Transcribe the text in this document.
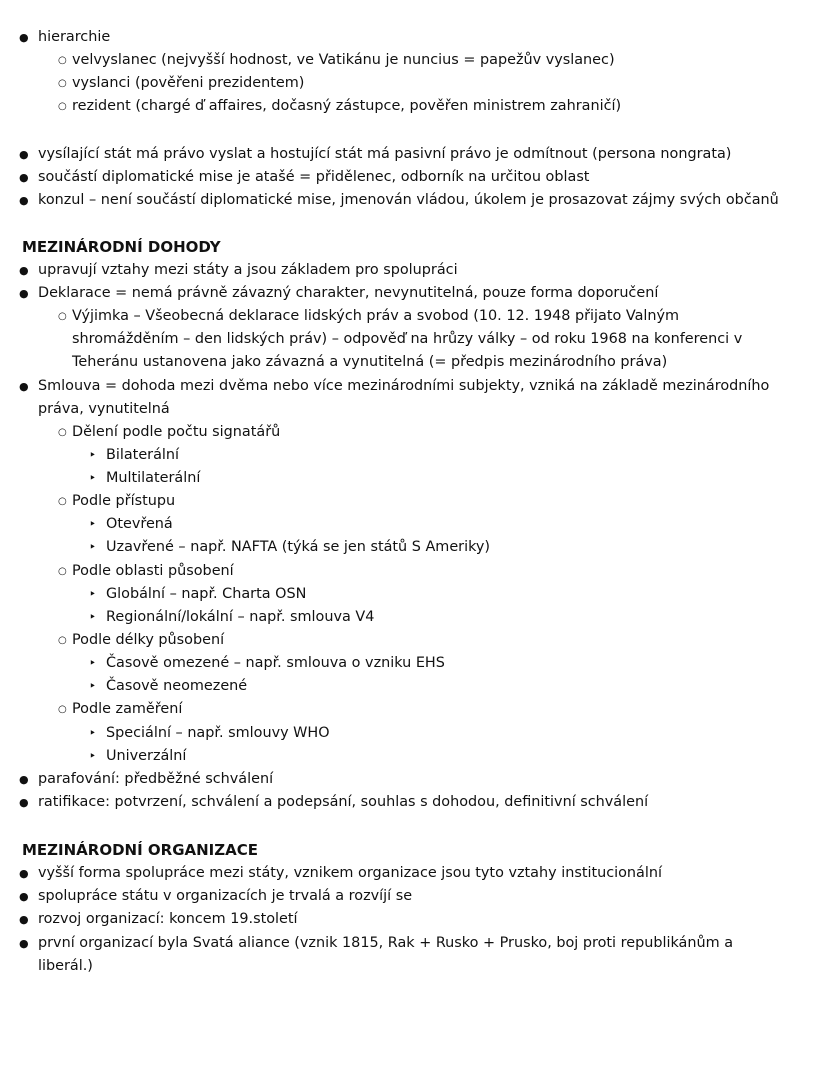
● hierarchie
○ velvyslanec (nejvyšší hodnost, ve Vatikánu je nuncius = papežův vyslanec)
○ vyslanci (pověřeni prezidentem)
○ rezident (chargé ď affaires, dočasný zástupce, pověřen ministrem zahraničí)
● vysílající stát má právo vyslat a hostující stát má pasivní právo je odmítnout (persona nongrata)
● součástí diplomatické mise je atašé = přidělenec, odborník na určitou oblast
● konzul – není součástí diplomatické mise, jmenován vládou, úkolem je prosazovat zájmy svých občanů
MEZINÁRODNÍ DOHODY
● upravují vztahy mezi státy a jsou základem pro spolupráci
● Deklarace = nemá právně závazný charakter, nevynutitelná, pouze forma doporučení
○ Výjimka – Všeobecná deklarace lidských práv a svobod (10. 12. 1948 přijato Valným
shromážděním – den lidských práv) – odpověď na hrůzy války – od roku 1968 na konferenci v
Teheránu ustanovena jako závazná a vynutitelná (= předpis mezinárodního práva)
● Smlouva = dohoda mezi dvěma nebo více mezinárodními subjekty, vzniká na základě mezinárodního
práva, vynutitelná
○ Dělení podle počtu signatářů
‣ Bilaterální
‣ Multilaterální
○ Podle přístupu
‣ Otevřená
‣ Uzavřené – např. NAFTA (týká se jen států S Ameriky)
○ Podle oblasti působení
‣ Globální – např. Charta OSN
‣ Regionální/lokální – např. smlouva V4
○ Podle délky působení
‣ Časově omezené – např. smlouva o vzniku EHS
‣ Časově neomezené
○ Podle zaměření
‣ Speciální – např. smlouvy WHO
‣ Univerzální
● parafování: předběžné schválení
● ratifikace: potvrzení, schválení a podepsání, souhlas s dohodou, definitivní schválení
MEZINÁRODNÍ ORGANIZACE
● vyšší forma spolupráce mezi státy, vznikem organizace jsou tyto vztahy institucionální
● spolupráce státu v organizacích je trvalá a rozvíjí se
● rozvoj organizací: koncem 19.století
● první organizací byla Svatá aliance (vznik 1815, Rak + Rusko + Prusko, boj proti republikánům a
liberál.)
